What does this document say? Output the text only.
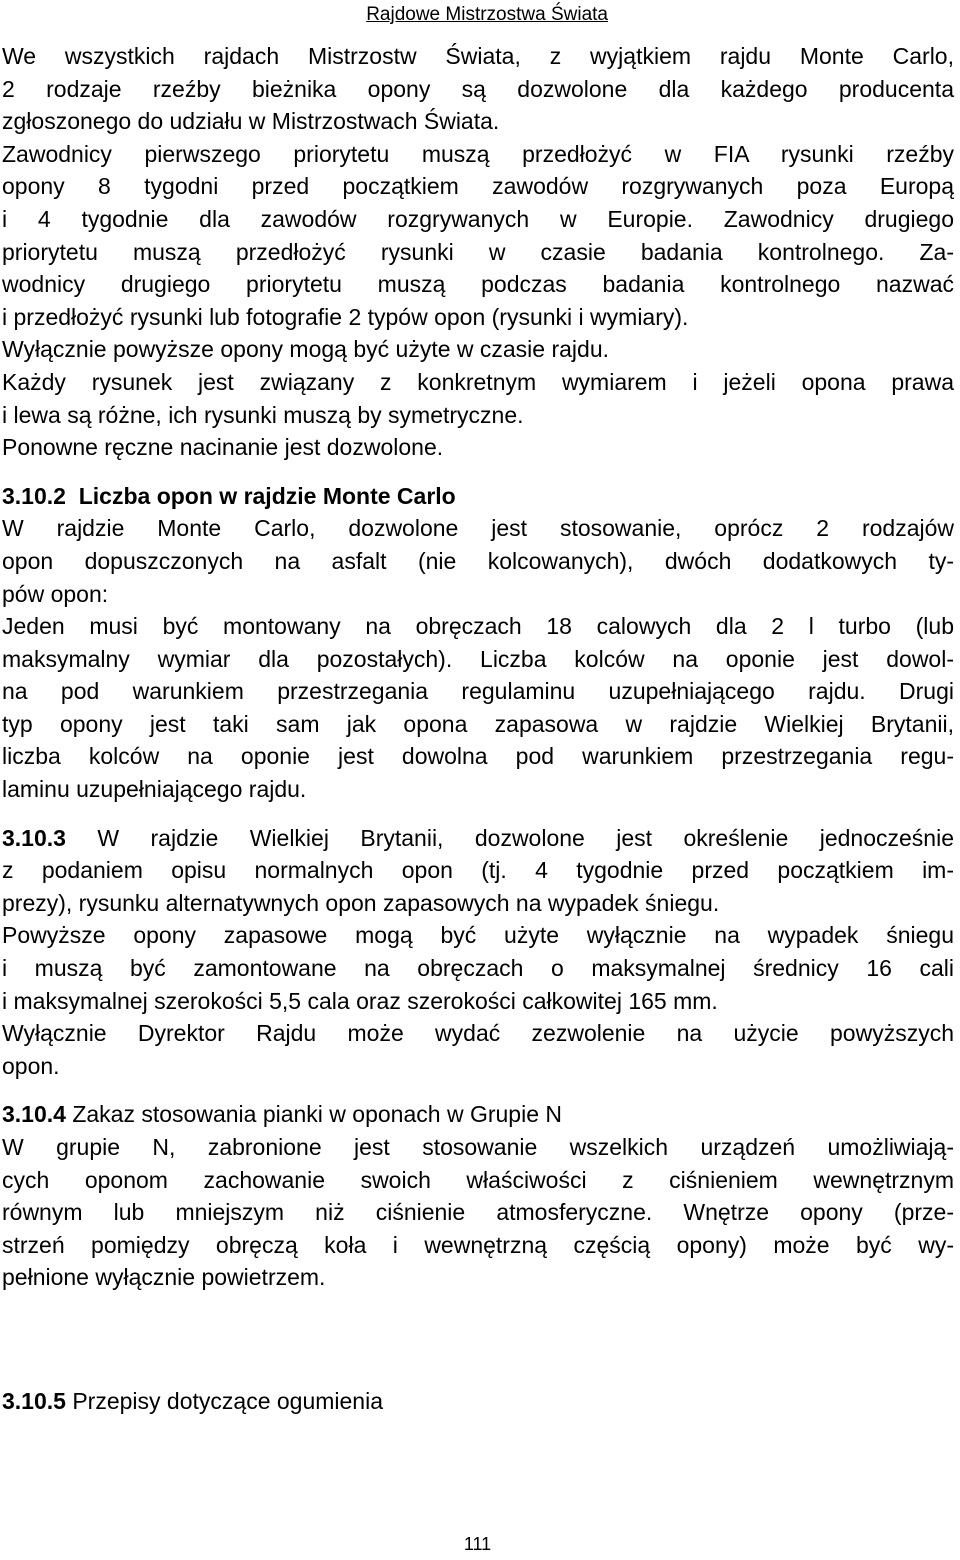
Rajdowe Mistrzostwa Świata
We wszystkich rajdach Mistrzostw Świata, z wyjątkiem rajdu Monte Carlo,
2 rodzaje rzeźby bieżnika opony są dozwolone dla każdego producenta
zgłoszonego do udziału w Mistrzostwach Świata.
Zawodnicy pierwszego priorytetu muszą przedłożyć w FIA rysunki rzeźby
opony 8 tygodni przed początkiem zawodów rozgrywanych poza Europą
i 4 tygodnie dla zawodów rozgrywanych w Europie. Zawodnicy drugiego
priorytetu muszą przedłożyć rysunki w czasie badania kontrolnego. Za-
wodnicy drugiego priorytetu muszą podczas badania kontrolnego nazwać
i przedłożyć rysunki lub fotografie 2 typów opon (rysunki i wymiary).
Wyłącznie powyższe opony mogą być użyte w czasie rajdu.
Każdy rysunek jest związany z konkretnym wymiarem i jeżeli opona prawa
i lewa są różne, ich rysunki muszą by symetryczne.
Ponowne ręczne nacinanie jest dozwolone.
3.10.2 Liczba opon w rajdzie Monte Carlo
W rajdzie Monte Carlo, dozwolone jest stosowanie, oprócz 2 rodzajów
opon dopuszczonych na asfalt (nie kolcowanych), dwóch dodatkowych ty-
pów opon:
Jeden musi być montowany na obręczach 18 calowych dla 2 l turbo (lub
maksymalny wymiar dla pozostałych). Liczba kolców na oponie jest dowol-
na pod warunkiem przestrzegania regulaminu uzupełniającego rajdu. Drugi
typ opony jest taki sam jak opona zapasowa w rajdzie Wielkiej Brytanii,
liczba kolców na oponie jest dowolna pod warunkiem przestrzegania regu-
laminu uzupełniającego rajdu.
3.10.3 W rajdzie Wielkiej Brytanii, dozwolone jest określenie jednocześnie
z podaniem opisu normalnych opon (tj. 4 tygodnie przed początkiem im-
prezy), rysunku alternatywnych opon zapasowych na wypadek śniegu.
Powyższe opony zapasowe mogą być użyte wyłącznie na wypadek śniegu
i muszą być zamontowane na obręczach o maksymalnej średnicy 16 cali
i maksymalnej szerokości 5,5 cala oraz szerokości całkowitej 165 mm.
Wyłącznie Dyrektor Rajdu może wydać zezwolenie na użycie powyższych
opon.
3.10.4 Zakaz stosowania pianki w oponach w Grupie N
W grupie N, zabronione jest stosowanie wszelkich urządzeń umożliwiają-
cych oponom zachowanie swoich właściwości z ciśnieniem wewnętrznym
równym lub mniejszym niż ciśnienie atmosferyczne. Wnętrze opony (prze-
strzeń pomiędzy obręczą koła i wewnętrzną częścią opony) może być wy-
pełnione wyłącznie powietrzem.
3.10.5 Przepisy dotyczące ogumienia
111
